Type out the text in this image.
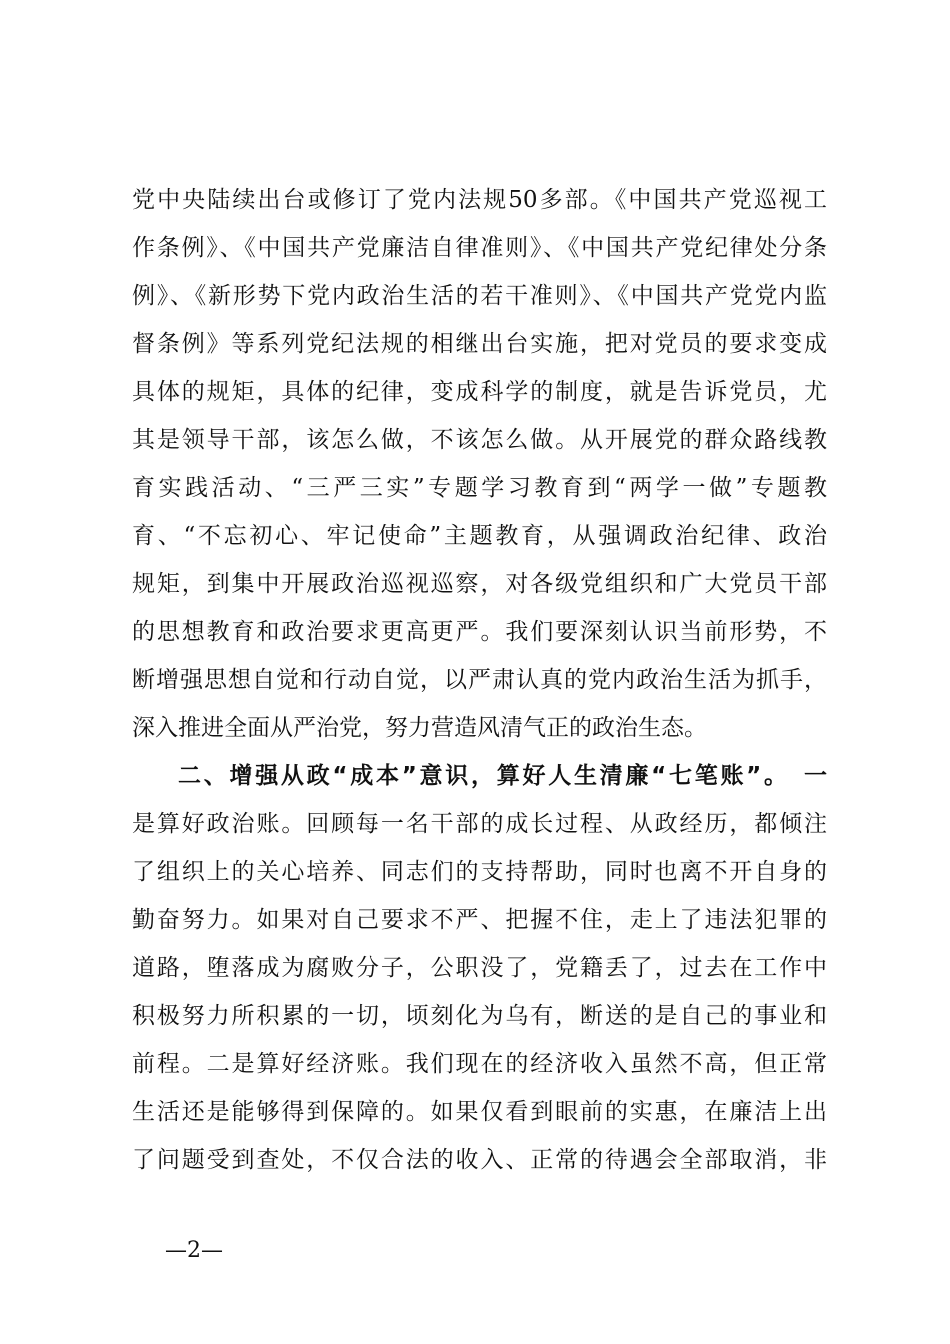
党中央陆续出台或修订了党内法规50多部。《中国共产党巡视工
作条例》、《中国共产党廉洁自律准则》、《中国共产党纪律处分条
例》、《新形势下党内政治生活的若干准则》、《中国共产党党内监
督条例》等系列党纪法规的相继出台实施，把对党员的要求变成
具体的规矩，具体的纪律，变成科学的制度，就是告诉党员，尤
其是领导干部，该怎么做，不该怎么做。从开展党的群众路线教
育实践活动、“三严三实”专题学习教育到“两学一做”专题教
育、“不忘初心、牢记使命”主题教育，从强调政治纪律、政治
规矩，到集中开展政治巡视巡察，对各级党组织和广大党员干部
的思想教育和政治要求更高更严。我们要深刻认识当前形势，不
断增强思想自觉和行动自觉，以严肃认真的党内政治生活为抓手，
深入推进全面从严治党，努力营造风清气正的政治生态。
二、增强从政“成本”意识，算好人生清廉“七笔账”。　一
是算好政治账。回顾每一名干部的成长过程、从政经历，都倾注
了组织上的关心培养、同志们的支持帮助，同时也离不开自身的
勤奋努力。如果对自己要求不严、把握不住，走上了违法犯罪的
道路，堕落成为腐败分子，公职没了，党籍丢了，过去在工作中
积极努力所积累的一切，顷刻化为乌有，断送的是自己的事业和
前程。二是算好经济账。我们现在的经济收入虽然不高，但正常
生活还是能够得到保障的。如果仅看到眼前的实惠，在廉洁上出
了问题受到查处，不仅合法的收入、正常的待遇会全部取消，非
—2—
